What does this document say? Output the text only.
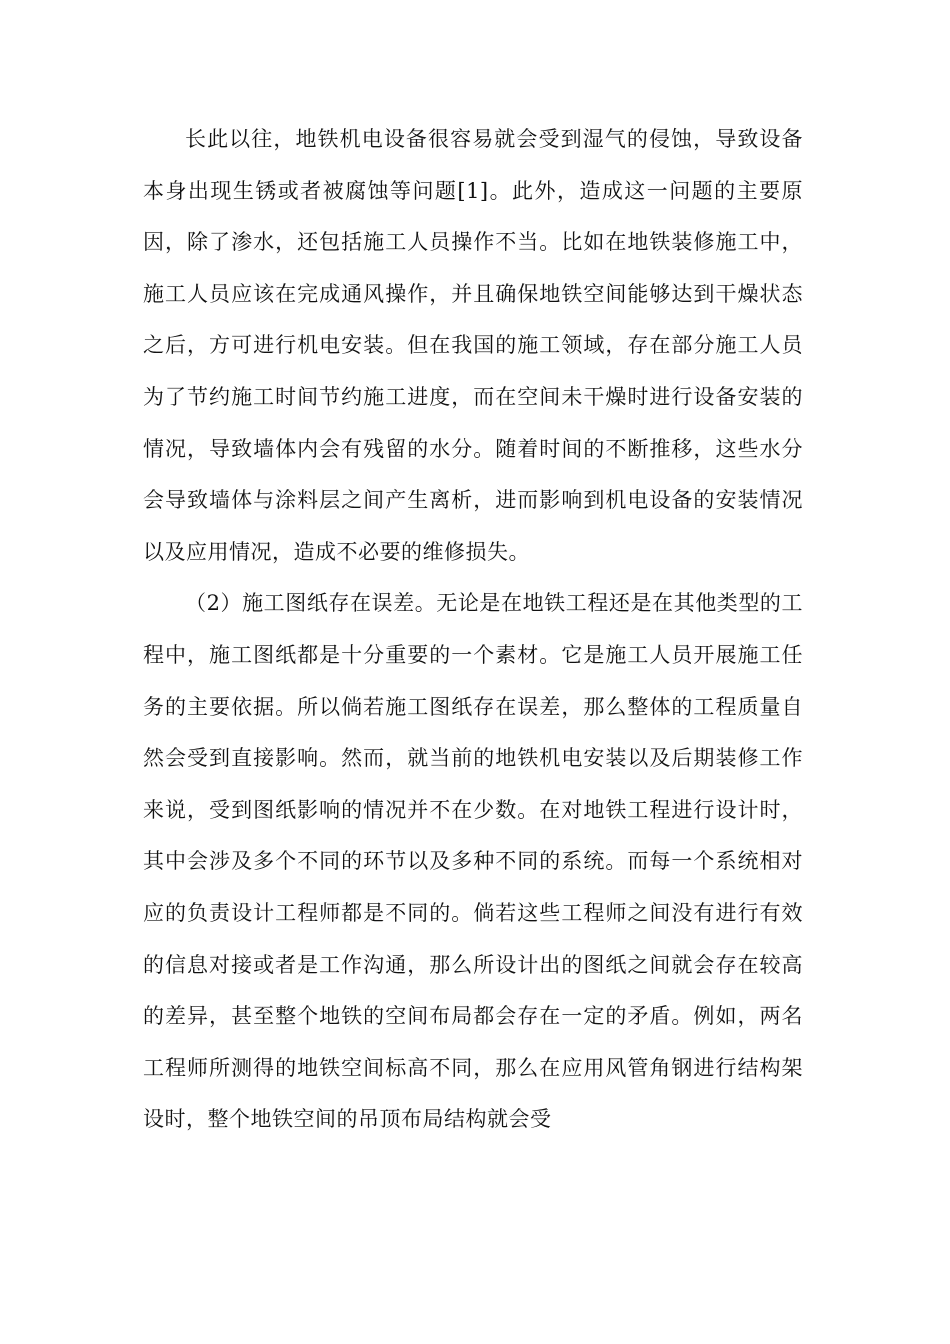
长此以往，地铁机电设备很容易就会受到湿气的侵蚀，导致设备本身出现生锈或者被腐蚀等问题[1]。此外，造成这一问题的主要原因，除了渗水，还包括施工人员操作不当。比如在地铁装修施工中，施工人员应该在完成通风操作，并且确保地铁空间能够达到干燥状态之后，方可进行机电安装。但在我国的施工领域，存在部分施工人员为了节约施工时间节约施工进度，而在空间未干燥时进行设备安装的情况，导致墙体内会有残留的水分。随着时间的不断推移，这些水分会导致墙体与涂料层之间产生离析，进而影响到机电设备的安装情况以及应用情况，造成不必要的维修损失。

（2）施工图纸存在误差。无论是在地铁工程还是在其他类型的工程中，施工图纸都是十分重要的一个素材。它是施工人员开展施工任务的主要依据。所以倘若施工图纸存在误差，那么整体的工程质量自然会受到直接影响。然而，就当前的地铁机电安装以及后期装修工作来说，受到图纸影响的情况并不在少数。在对地铁工程进行设计时，其中会涉及多个不同的环节以及多种不同的系统。而每一个系统相对应的负责设计工程师都是不同的。倘若这些工程师之间没有进行有效的信息对接或者是工作沟通，那么所设计出的图纸之间就会存在较高的差异，甚至整个地铁的空间布局都会存在一定的矛盾。例如，两名工程师所测得的地铁空间标高不同，那么在应用风管角钢进行结构架设时，整个地铁空间的吊顶布局结构就会受
